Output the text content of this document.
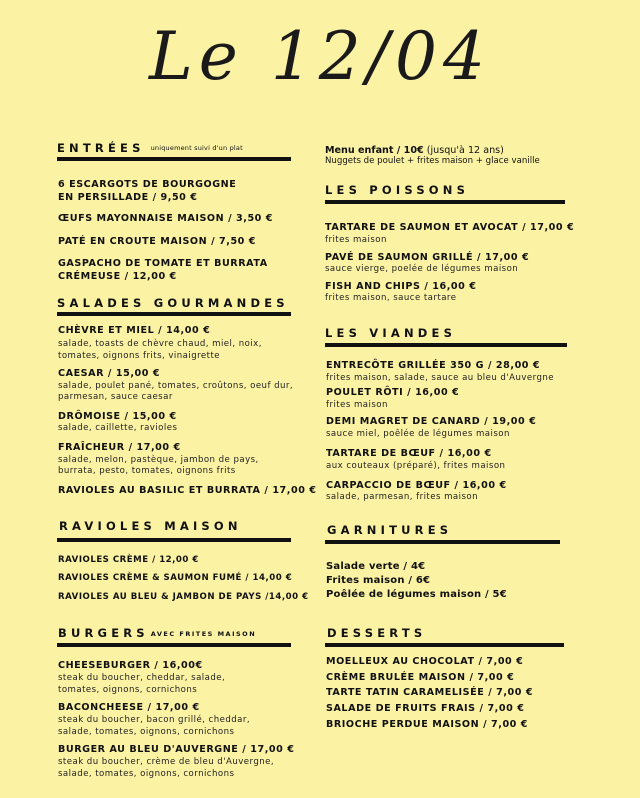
Le 12/04
ENTRÉES $^{uniquement suivi d'un plat}$
6 ESCARGOTS DE BOURGOGNE
EN PERSILLADE / 9,50 €
ŒUFS MAYONNAISE MAISON / 3,50 €
PATÉ EN CROUTE MAISON / 7,50 €
GASPACHO DE TOMATE ET BURRATA
CRÉMEUSE / 12,00 €
SALADES GOURMANDES
CHÈVRE ET MIEL / 14,00 €
salade, toasts de chèvre chaud, miel, noix,
tomates, oignons frits, vinaigrette
CAESAR / 15,00 €
salade, poulet pané, tomates, croûtons, oeuf dur,
parmesan, sauce caesar
DRÔMOISE / 15,00 €
salade, caillette, ravioles
FRAÎCHEUR / 17,00 €
salade, melon, pastèque, jambon de pays,
burrata, pesto, tomates, oignons frits
RAVIOLES AU BASILIC ET BURRATA / 17,00 €
RAVIOLES MAISON
RAVIOLES CRÈME / 12,00 €
RAVIOLES CRÈME & SAUMON FUMÉ / 14,00 €
RAVIOLES AU BLEU & JAMBON DE PAYS /14,00 €
BURGERS AVEC FRITES MAISON
CHEESEBURGER / 16,00€
steak du boucher, cheddar, salade,
tomates, oignons, cornichons
BACONCHEESE / 17,00 €
steak du boucher, bacon grillé, cheddar,
salade, tomates, oignons, cornichons
BURGER AU BLEU D'AUVERGNE / 17,00 €
steak du boucher, crème de bleu d'Auvergne,
salade, tomates, oignons, cornichons
Menu enfant / 10€ (jusqu'à 12 ans)
Nuggets de poulet + frites maison + glace vanille
LES POISSONS
TARTARE DE SAUMON ET AVOCAT / 17,00 €
frites maison
PAVÉ DE SAUMON GRILLÉ / 17,00 €
sauce vierge, poelée de légumes maison
FISH AND CHIPS / 16,00 €
frites maison, sauce tartare
LES VIANDES
ENTRECÔTE GRILLÉE 350 G / 28,00 €
frites maison, salade, sauce au bleu d'Auvergne
POULET RÔTI / 16,00 €
frites maison
DEMI MAGRET DE CANARD / 19,00 €
sauce miel, poêlée de légumes maison
TARTARE DE BŒUF / 16,00 €
aux couteaux (préparé), frites maison
CARPACCIO DE BŒUF / 16,00 €
salade, parmesan, frites maison
GARNITURES
Salade verte / 4€
Frites maison / 6€
Poêlée de légumes maison / 5€
DESSERTS
MOELLEUX AU CHOCOLAT / 7,00 €
CRÈME BRULÉE MAISON / 7,00 €
TARTE TATIN CARAMELISÉE / 7,00 €
SALADE DE FRUITS FRAIS / 7,00 €
BRIOCHE PERDUE MAISON / 7,00 €
